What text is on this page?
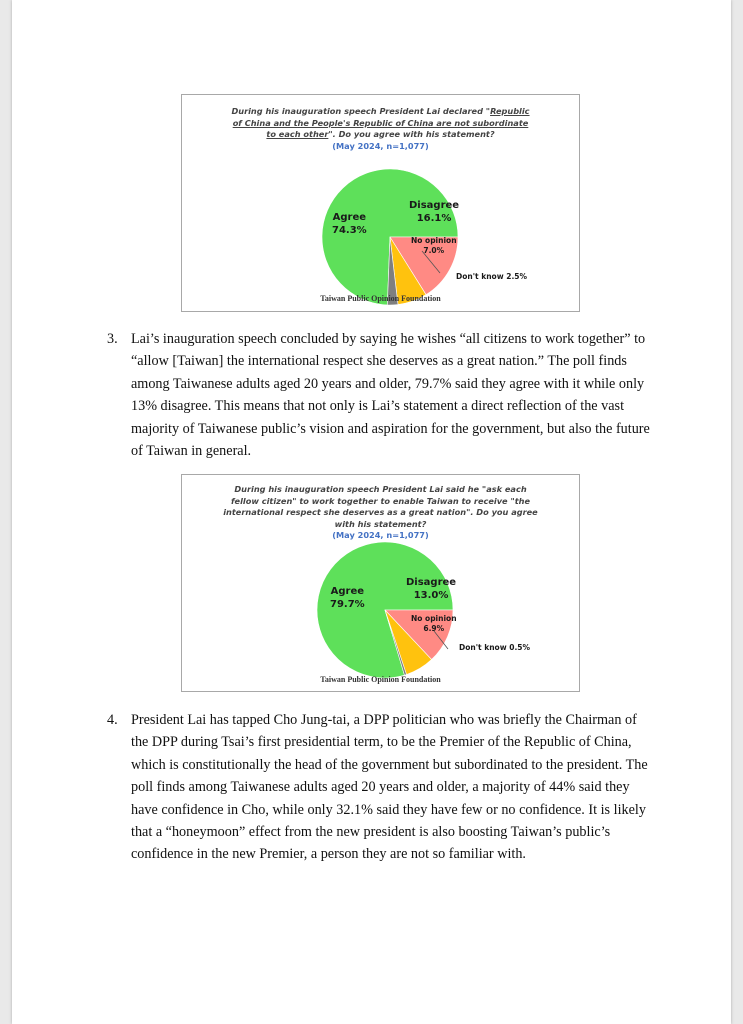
During his inauguration speech President Lai declared "Republic of China and the People's Republic of China are not subordinate to each other". Do you agree with his statement?
(May 2024, n=1,077)
Agree
74.3%
Disagree
16.1%
No opinion
7.0%
Don't know 2.5%
Taiwan Public Opinion Foundation
3. Lai’s inauguration speech concluded by saying he wishes “all citizens to work together” to “allow [Taiwan] the international respect she deserves as a great nation.” The poll finds among Taiwanese adults aged 20 years and older, 79.7% said they agree with it while only 13% disagree. This means that not only is Lai’s statement a direct reflection of the vast majority of Taiwanese public’s vision and aspiration for the government, but also the future of Taiwan in general.
During his inauguration speech President Lai said he "ask each fellow citizen" to work together to enable Taiwan to receive "the international respect she deserves as a great nation". Do you agree with his statement?
(May 2024, n=1,077)
Agree
79.7%
Disagree
13.0%
No opinion
6.9%
Don't know 0.5%
Taiwan Public Opinion Foundation
4. President Lai has tapped Cho Jung-tai, a DPP politician who was briefly the Chairman of the DPP during Tsai’s first presidential term, to be the Premier of the Republic of China, which is constitutionally the head of the government but subordinated to the president. The poll finds among Taiwanese adults aged 20 years and older, a majority of 44% said they have confidence in Cho, while only 32.1% said they have few or no confidence. It is likely that a “honeymoon” effect from the new president is also boosting Taiwan’s public’s confidence in the new Premier, a person they are not so familiar with.
